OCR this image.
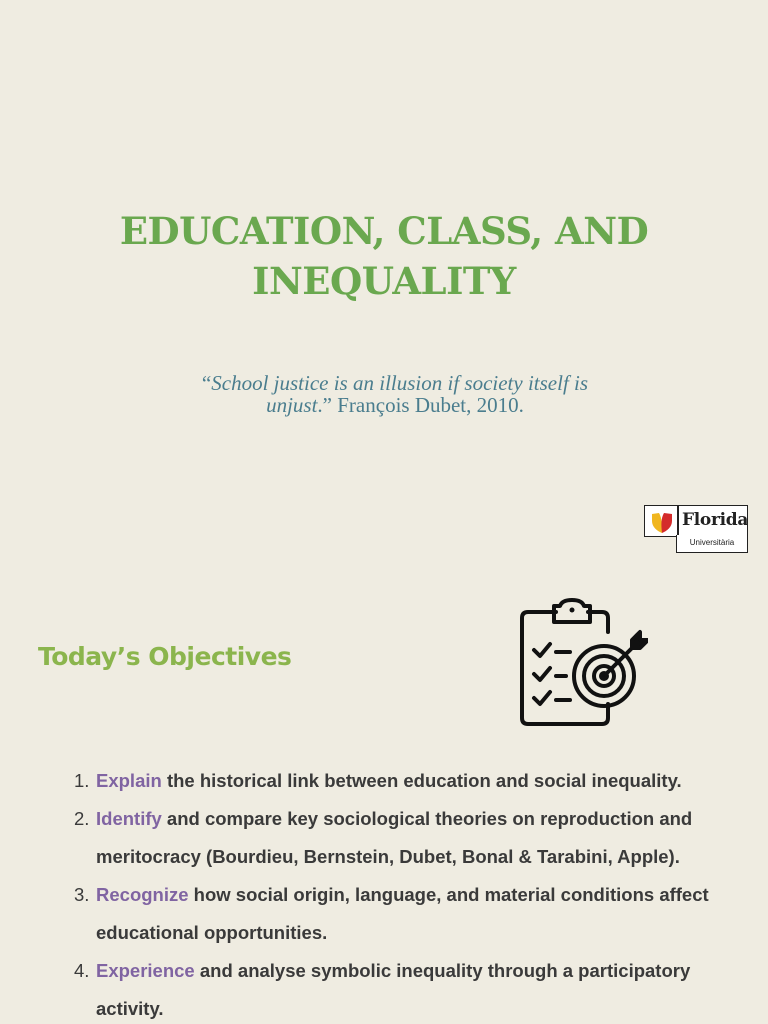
EDUCATION, CLASS, AND
INEQUALITY
“School justice is an illusion if society itself is
unjust.” François Dubet, 2010.
Florida
Universitària
Today’s Objectives
1. Explain the historical link between education and social inequality.
2. Identify and compare key sociological theories on reproduction and meritocracy (Bourdieu, Bernstein, Dubet, Bonal & Tarabini, Apple).
3. Recognize how social origin, language, and material conditions affect educational opportunities.
4. Experience and analyse symbolic inequality through a participatory activity.
